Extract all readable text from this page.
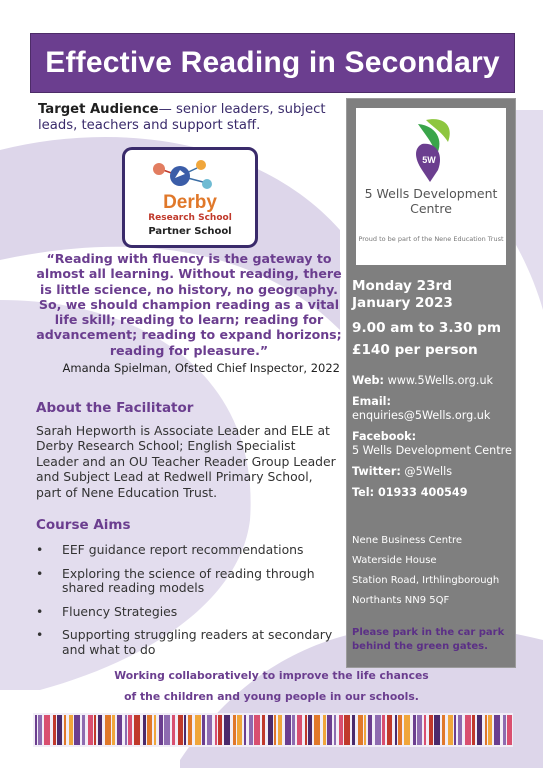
Effective Reading in Secondary
Target Audience— senior leaders, subject leads, teachers and support staff.
Derby
Research School
Partner School
“Reading with fluency is the gateway to almost all learning. Without reading, there is little science, no history, no geography. So, we should champion reading as a vital life skill; reading to learn; reading for advancement; reading to expand horizons; reading for pleasure.”
Amanda Spielman, Ofsted Chief Inspector, 2022
About the Facilitator
Sarah Hepworth is Associate Leader and ELE at Derby Research School; English Specialist Leader and an OU Teacher Reader Group Leader and Subject Lead at Redwell Primary School, part of Nene Education Trust.
Course Aims
• EEF guidance report recommendations
• Exploring the science of reading through shared reading models
• Fluency Strategies
• Supporting struggling readers at secondary and what to do
5W
5 Wells Development Centre
Proud to be part of the Nene Education Trust
Monday 23rd January 2023
9.00 am to 3.30 pm
£140 per person
Web: www.5Wells.org.uk
Email:
enquiries@5Wells.org.uk
Facebook:
5 Wells Development Centre
Twitter: @5Wells
Tel: 01933 400549
Nene Business Centre
Waterside House
Station Road, Irthlingborough
Northants NN9 5QF
Please park in the car park behind the green gates.
Working collaboratively to improve the life chances
of the children and young people in our schools.
